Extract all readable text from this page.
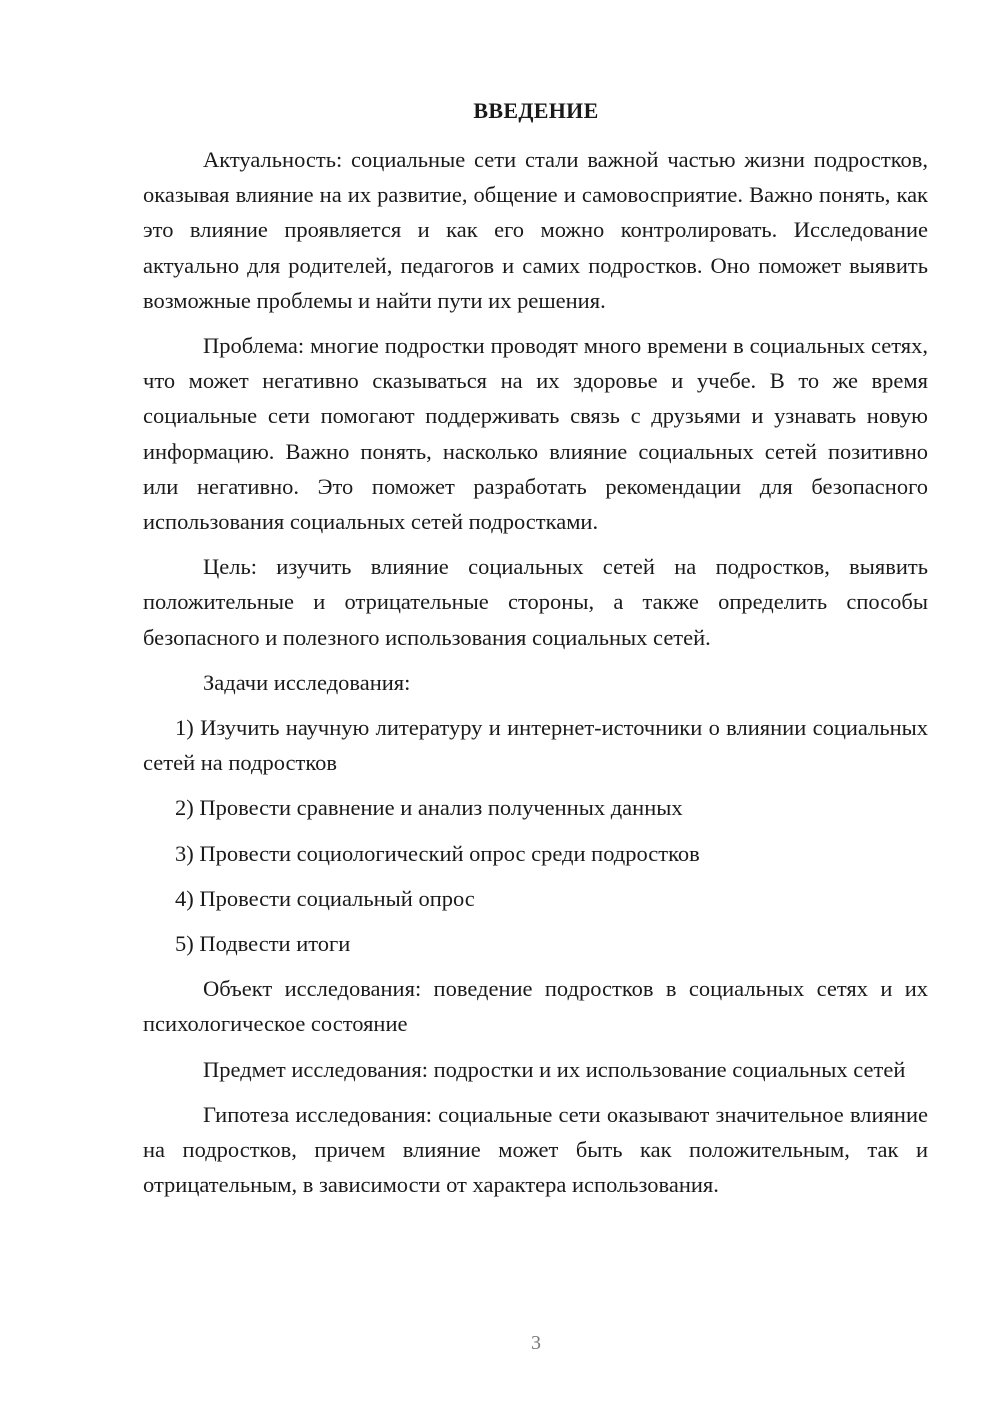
ВВЕДЕНИЕ

Актуальность: социальные сети стали важной частью жизни подростков, оказывая влияние на их развитие, общение и самовосприятие. Важно понять, как это влияние проявляется и как его можно контролировать. Исследование актуально для родителей, педагогов и самих подростков. Оно поможет выявить возможные проблемы и найти пути их решения.

Проблема: многие подростки проводят много времени в социальных сетях, что может негативно сказываться на их здоровье и учебе. В то же время социальные сети помогают поддерживать связь с друзьями и узнавать новую информацию. Важно понять, насколько влияние социальных сетей позитивно или негативно. Это поможет разработать рекомендации для безопасного использования социальных сетей подростками.

Цель: изучить влияние социальных сетей на подростков, выявить положительные и отрицательные стороны, а также определить способы безопасного и полезного использования социальных сетей.

Задачи исследования:

1) Изучить научную литературу и интернет-источники о влиянии социальных сетей на подростков

2) Провести сравнение и анализ полученных данных

3) Провести социологический опрос среди подростков

4) Провести социальный опрос

5) Подвести итоги

Объект исследования: поведение подростков в социальных сетях и их психологическое состояние

Предмет исследования: подростки и их использование социальных сетей

Гипотеза исследования: социальные сети оказывают значительное влияние на подростков, причем влияние может быть как положительным, так и отрицательным, в зависимости от характера использования.

3
